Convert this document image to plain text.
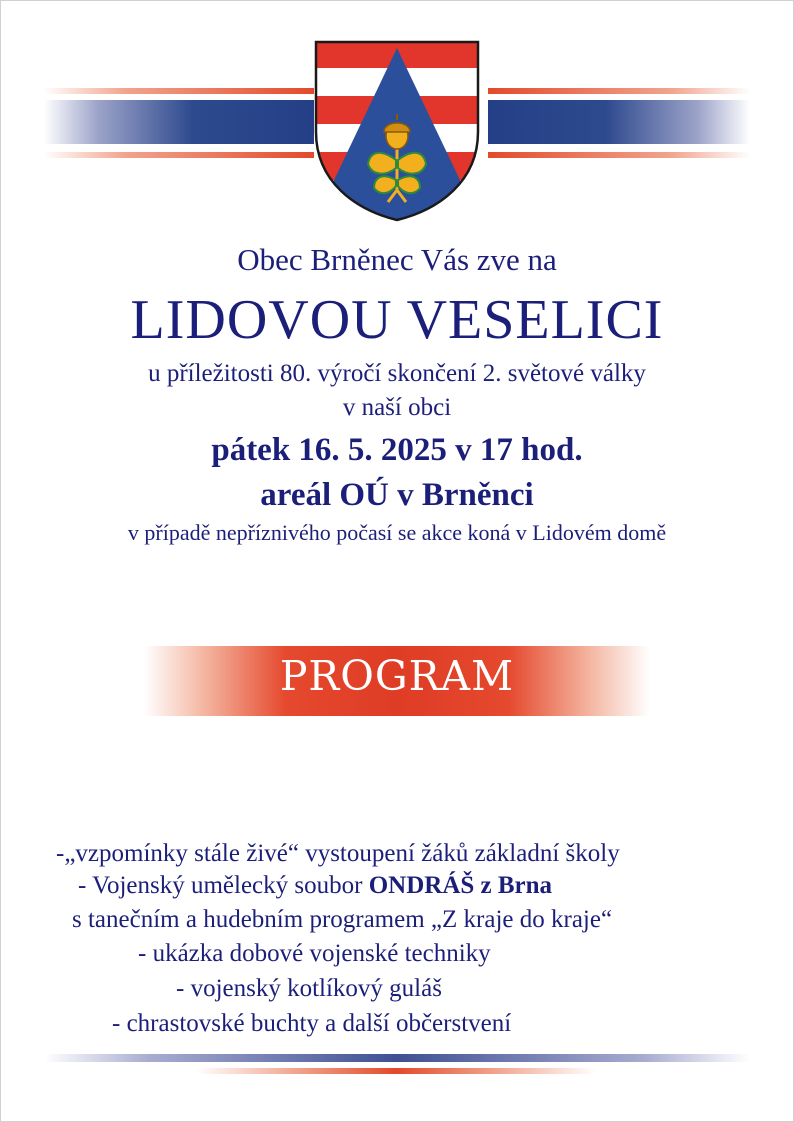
Obec Brněnec Vás zve na
LIDOVOU VESELICI
u příležitosti 80. výročí skončení 2. světové války
v naší obci
pátek 16. 5. 2025 v 17 hod.
areál OÚ v Brněnci
v případě nepříznivého počasí se akce koná v Lidovém domě
PROGRAM
-„vzpomínky stále živé“ vystoupení žáků základní školy
- Vojenský umělecký soubor ONDRÁŠ z Brna
s tanečním a hudebním programem „Z kraje do kraje“
- ukázka dobové vojenské techniky
- vojenský kotlíkový guláš
- chrastovské buchty a další občerstvení
